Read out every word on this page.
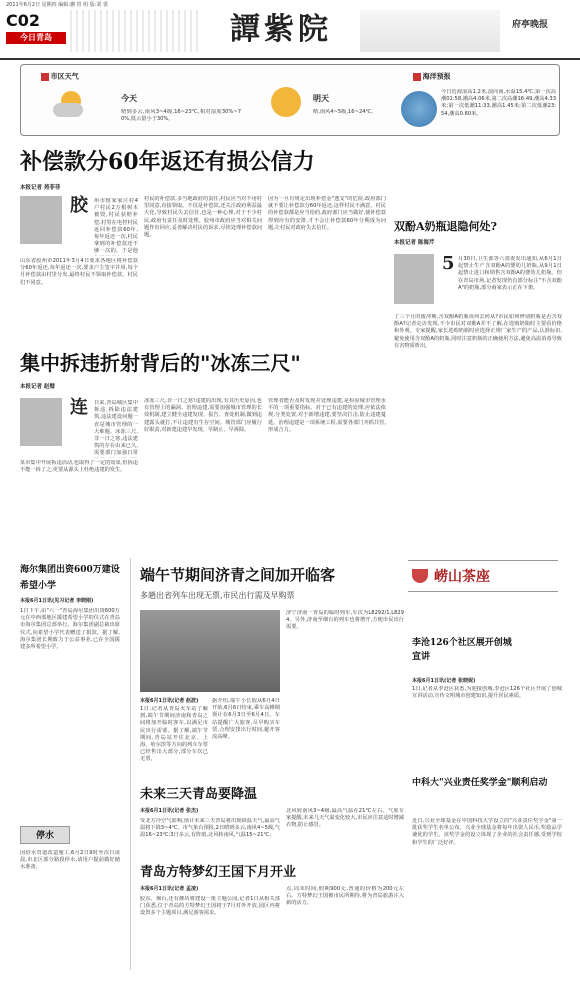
2011年6月2日 星期四 编辑:蒯 胄 组 版:刘 裘
C02
今日青岛	譚紫院	府亭晚报
市区天气
今天
晴到多云,南风3~4级,16~23℃,相对湿度30%~70%,低云量小于30%。
明天
晴,南风4~5级,16~24℃。
海洋预报
今日近海浪高1.2米,浪向南,水温15.4℃,第一次高潮01:58,潮高4.06米,第二次高潮16:49,潮高4.33米;第一次低潮11:33,潮高1.45米;第二次低潮23:54,潮高0.60米。
补偿款分60年返还有损公信力
本报记者 苑菲菲
胶 州市辖家家庄村4户村民2万根树木被毁,村民获赔补偿,村里在电控村民返回补偿款60年,每年返还一次,村民拿到的补偿款还不够一次的。于是他
山东省胶州市2011年3月4日要求各地区将补偿款分60年返还,每年返还一次,要求户主签字并用,每个月补偿款由村里分发,最终村民不领取补偿款。村民们不同意。
村民的补偿款,多当地政府的责任,村民应当对不用村里同意,直接领取。不仅是补偿款,还关注政府利益最大化,导致村民失去信任,也是一种心理,对于不少村民,政府有责任及时处理。胶州市政府应当对相关问题作出回应,妥善解决村民的诉求,尽快处理补偿款问题。
因为一旦有规定出现补偿金"透支"的危险,政府部门就不要让补偿款分60年返还,这样村民不满意。村民的补偿款都是应当给的,政府部门应当做好,使补偿款得到应有的安排,才不会让补偿款60年分期成为问题,让村民对政府失去信任。
集中拆违折射背后的"冰冻三尺"
本报记者 赵璧
连 日来,青岛城区集中拆违,拆除违法建筑,违法建设问题一直是城市管理的一大难题。冰冻三尺,非一日之寒,违法建筑的存在由来已久,需要部门加强日常
某市集中开展拆违活动,也取得了一定的效果,但拆违不能一拆了之,更要从源头上杜绝违建的发生。
冰冻三尺,非一日之寒!违建的出现,有其历史原因,也有管理上的漏洞。治理违建,需要加强城市管理的长效机制,建立健全违建发现、报告、查处机制,做到违建露头就打,不让违建有生存空间。城管部门应履行好职责,对新建违建早发现、早制止、早拆除。
管理者能否及时发现并处理违建,是检验城市管理水平的一项重要指标。对于已有违建的处理,应依法依规,分类处置,对于新增违建,要坚决打击,防止违建蔓延。治理违建是一项系统工程,需要各部门齐抓共管,形成合力。
双酚A奶瓶退隐何处?
本报记者 陈海芹
5 月30日,卫生部等六部委发出通知,从6月1日起禁止生产含双酚A的婴幼儿奶瓶,从9月1日起禁止进口和销售含双酚A的婴幼儿奶瓶。但在青岛市场,记者发现仍有部分标注"不含双酚A"的奶瓶,部分商家表示正在下架。
了三个月的缓冲期,含双酚A奶瓶该何去何从?市民如何辨别奶瓶是否含双酚A?记者走访发现,不少市民对双酚A并不了解,在选购奶瓶时主要看价格和外观。专家提醒,家长选购奶瓶时应选择正规厂家生产的产品,认准标识,避免使用含双酚A的奶瓶,同时注意奶瓶的正确使用方法,避免高温消毒导致有害物质析出。
崂山茶座
海尔集团出资600万建设希望小学
本报6月1日讯(见习记者 李晓刚)
1日下午,由"六一"青岛海尔集团出资600万元在中西部地区援建希望小学的仪式在青岛市海尔集团总部举行。海尔集团副总裁出席仪式,向希望小学代表赠送了捐款。据了解,海尔集团长期致力于公益事业,已在全国援建多所希望小学。
停水
因给水管道改造施工,6月2日9时至次日凌晨,市北区部分路段停水,请用户提前做好储水准备。
端午节期间济青之间加开临客
多趟出省列车出现无票,市民出行需及早购票
本报6月1日讯(记者 赵波)
1日,记者从青岛火车站了解到,端午节期间济南和青岛之间将加开临时客车,以满足市民出行需要。据了解,端午节期间,青岛站开往北京、上海、哈尔滨等方向的列车车票已经售出大部分,部分车次已无票。
据介绍,端午小长假从6月4日开始,6月6日结束,乘车高峰期预计在6月3日至6月4日。车站提醒广大旅客,尽早购买车票,合理安排出行时间,避开客流高峰。
济宁济南一青岛的临时列车,车次为L8292/1,L8294。另外,济南至烟台的列车也将增开,方便市民出行需要。
未来三天青岛要降温
本报6月1日讯(记者 张杰)
受北方冷空气影响,预计未来三天青岛将出现降温天气,最高气温将下降3~4℃。市气象台预报,2日晴到多云,南风4~5级,气温16~23℃;3日多云,有阵雨,北风转南风,气温15~21℃。
北风转南风3~4级,最高气温在21℃左右。气象专家提醒,未来几天气温变化较大,市民应注意适时增减衣物,防止感冒。
青岛方特梦幻王国下月开业
本报6月1日讯(记者 孟凌)
胶东、烟台,还有潍坊将建设一批主题公园,记者1日从相关部门获悉,位于青岛的方特梦幻王国将于7月对外开放,园区内将设置多个主题项目,满足游客需求。
点,周末时间,假期900元,普通的价格为200元左右。方特梦幻王国被市民所期待,将为青岛旅游注入新的活力。
李沧126个社区展开创城宣讲
本报6月1日讯(记者 张晓妮)
1日,记者从李沧区获悉,为迎接创城,李沧区126个社区开展了创城宣讲活动,宣传文明城市创建知识,提升居民素质。
中科大"兴业责任奖学金"顺利启动
近日,兴业全球基金在中国科技大学设立的"兴业责任奖学金"第一批获奖学生名单公布。兴业全球基金将每年出资人民币,奖励品学兼优的学生。该奖学金的设立体现了企业的社会责任感,受到学校和学生的广泛好评。
